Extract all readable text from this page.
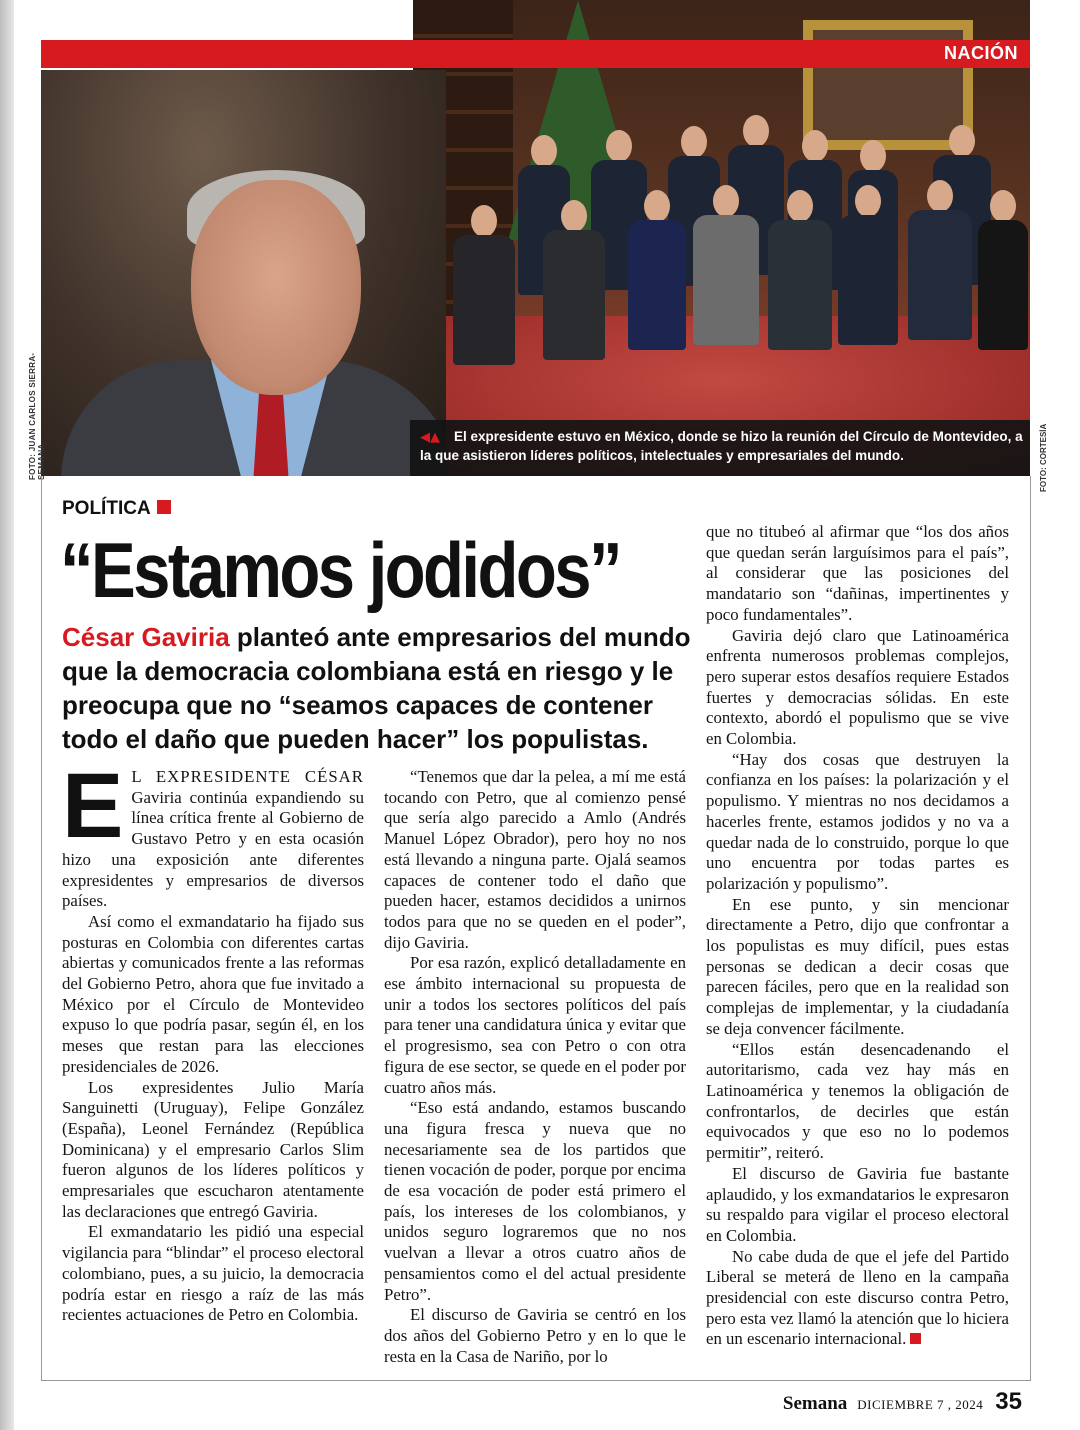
NACIÓN
FOTO: JUAN CARLOS SIERRA-SEMANA	FOTO: CORTESÍA
◀▲	El expresidente estuvo en México, donde se hizo la reunión del Círculo de Montevideo, a la que asistieron líderes políticos, intelectuales y empresariales del mundo.
POLÍTICA
“Estamos jodidos”
César Gaviria planteó ante empresarios del mundo que la democracia colombiana está en riesgo y le preocupa que no “seamos capaces de contener todo el daño que pueden hacer” los populistas.

E L EXPRESIDENTE CÉSAR Gaviria continúa expandiendo su línea crítica frente al Gobierno de Gustavo Petro y en esta ocasión hizo una exposición ante diferentes expresidentes y empresarios de diversos países.

Así como el exmandatario ha fijado sus posturas en Colombia con diferentes cartas abiertas y comunicados frente a las reformas del Gobierno Petro, ahora que fue invitado a México por el Círculo de Montevideo expuso lo que podría pasar, según él, en los meses que restan para las elecciones presidenciales de 2026.

Los expresidentes Julio María Sanguinetti (Uruguay), Felipe González (España), Leonel Fernández (República Dominicana) y el empresario Carlos Slim fueron algunos de los líderes políticos y empresariales que escucharon atentamente las declaraciones que entregó Gaviria.

El exmandatario les pidió una especial vigilancia para “blindar” el proceso electoral colombiano, pues, a su juicio, la democracia podría estar en riesgo a raíz de las más recientes actuaciones de Petro en Colombia.

“Tenemos que dar la pelea, a mí me está tocando con Petro, que al comienzo pensé que sería algo parecido a Amlo (Andrés Manuel López Obrador), pero hoy no nos está llevando a ninguna parte. Ojalá seamos capaces de contener todo el daño que pueden hacer, estamos decididos a unirnos todos para que no se queden en el poder”, dijo Gaviria.

Por esa razón, explicó detalladamente en ese ámbito internacional su propuesta de unir a todos los sectores políticos del país para tener una candidatura única y evitar que el progresismo, sea con Petro o con otra figura de ese sector, se quede en el poder por cuatro años más.

“Eso está andando, estamos buscando una figura fresca y nueva que no necesariamente sea de los partidos que tienen vocación de poder, porque por encima de esa vocación de poder está primero el país, los intereses de los colombianos, y unidos seguro lograremos que no nos vuelvan a llevar a otros cuatro años de pensamientos como el del actual presidente Petro”.

El discurso de Gaviria se centró en los dos años del Gobierno Petro y en lo que le resta en la Casa de Nariño, por lo

que no titubeó al afirmar que “los dos años que quedan serán larguísimos para el país”, al considerar que las posiciones del mandatario son “dañinas, impertinentes y poco fundamentales”.

Gaviria dejó claro que Latinoamérica enfrenta numerosos problemas complejos, pero superar estos desafíos requiere Estados fuertes y democracias sólidas. En este contexto, abordó el populismo que se vive en Colombia.

“Hay dos cosas que destruyen la confianza en los países: la polarización y el populismo. Y mientras no nos decidamos a hacerles frente, estamos jodidos y no va a quedar nada de lo construido, porque lo que uno encuentra por todas partes es polarización y populismo”.

En ese punto, y sin mencionar directamente a Petro, dijo que confrontar a los populistas es muy difícil, pues estas personas se dedican a decir cosas que parecen fáciles, pero que en la realidad son complejas de implementar, y la ciudadanía se deja convencer fácilmente.

“Ellos están desencadenando el autoritarismo, cada vez hay más en Latinoamérica y tenemos la obligación de confrontarlos, de decirles que están equivocados y que eso no lo podemos permitir”, reiteró.

El discurso de Gaviria fue bastante aplaudido, y los exmandatarios le expresaron su respaldo para vigilar el proceso electoral en Colombia.

No cabe duda de que el jefe del Partido Liberal se meterá de lleno en la campaña presidencial con este discurso contra Petro, pero esta vez llamó la atención que lo hiciera en un escenario internacional.

Semana DICIEMBRE 7 , 2024 35
